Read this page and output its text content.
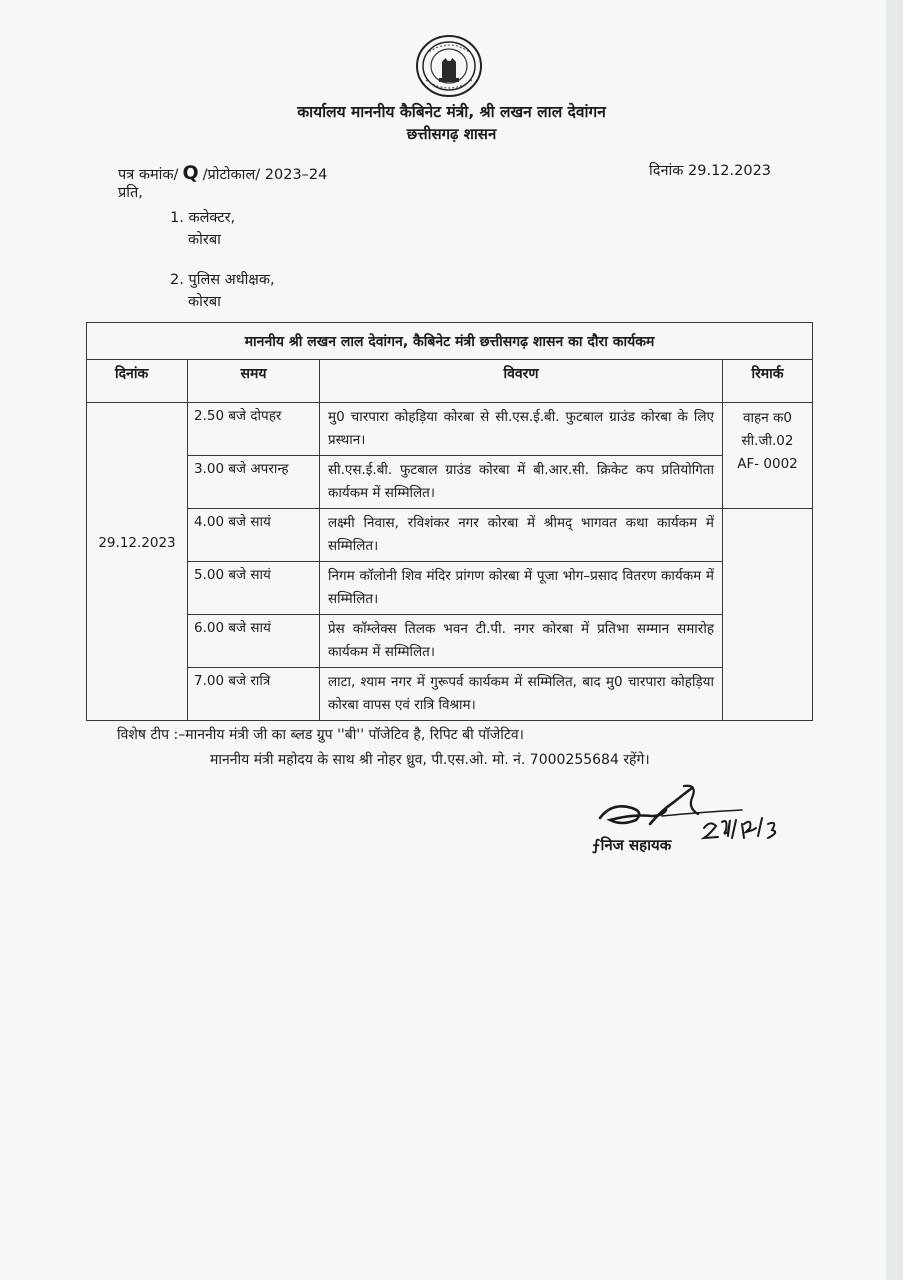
कार्यालय माननीय कैबिनेट मंत्री, श्री लखन लाल देवांगन
छत्तीसगढ़ शासन
पत्र कमांक/ Q /प्रोटोकाल/ 2023–24	दिनांक 29.12.2023
प्रति,
1. कलेक्टर,
कोरबा
2. पुलिस अधीक्षक,
कोरबा
माननीय श्री लखन लाल देवांगन, कैबिनेट मंत्री छत्तीसगढ़ शासन का दौरा कार्यकम			
दिनांक	समय	विवरण	रिमार्क
29.12.2023	2.50 बजे दोपहर	मु0 चारपारा कोहड़िया कोरबा से सी.एस.ई.बी. फुटबाल ग्राउंड कोरबा के लिए प्रस्थान।	वाहन क0
सी.जी.02
AF- 0002

	3.00 बजे अपरान्ह	सी.एस.ई.बी. फुटबाल ग्राउंड कोरबा में बी.आर.सी. क्रिकेट कप प्रतियोगिता कार्यकम में सम्मिलित।	
	4.00 बजे सायं	लक्ष्मी निवास, रविशंकर नगर कोरबा में श्रीमद् भागवत कथा कार्यकम में सम्मिलित।	
	5.00 बजे सायं	निगम कॉलोनी शिव मंदिर प्रांगण कोरबा में पूजा भोग–प्रसाद वितरण कार्यकम में सम्मिलित।	
	6.00 बजे सायं	प्रेस कॉम्लेक्स तिलक भवन टी.पी. नगर कोरबा में प्रतिभा सम्मान समारोह कार्यकम में सम्मिलित।	
	7.00 बजे रात्रि	लाटा, श्याम नगर में गुरूपर्व कार्यकम में सम्मिलित, बाद मु0 चारपारा कोहड़िया कोरबा वापस एवं रात्रि विश्राम।	
विशेष टीप :–माननीय मंत्री जी का ब्लड ग्रुप ''बी'' पॉजेटिव है, रिपिट बी पॉजेटिव।
माननीय मंत्री महोदय के साथ श्री नोहर ध्रुव, पी.एस.ओ. मो. नं. 7000255684 रहेंगे।
⨍निज सहायक
